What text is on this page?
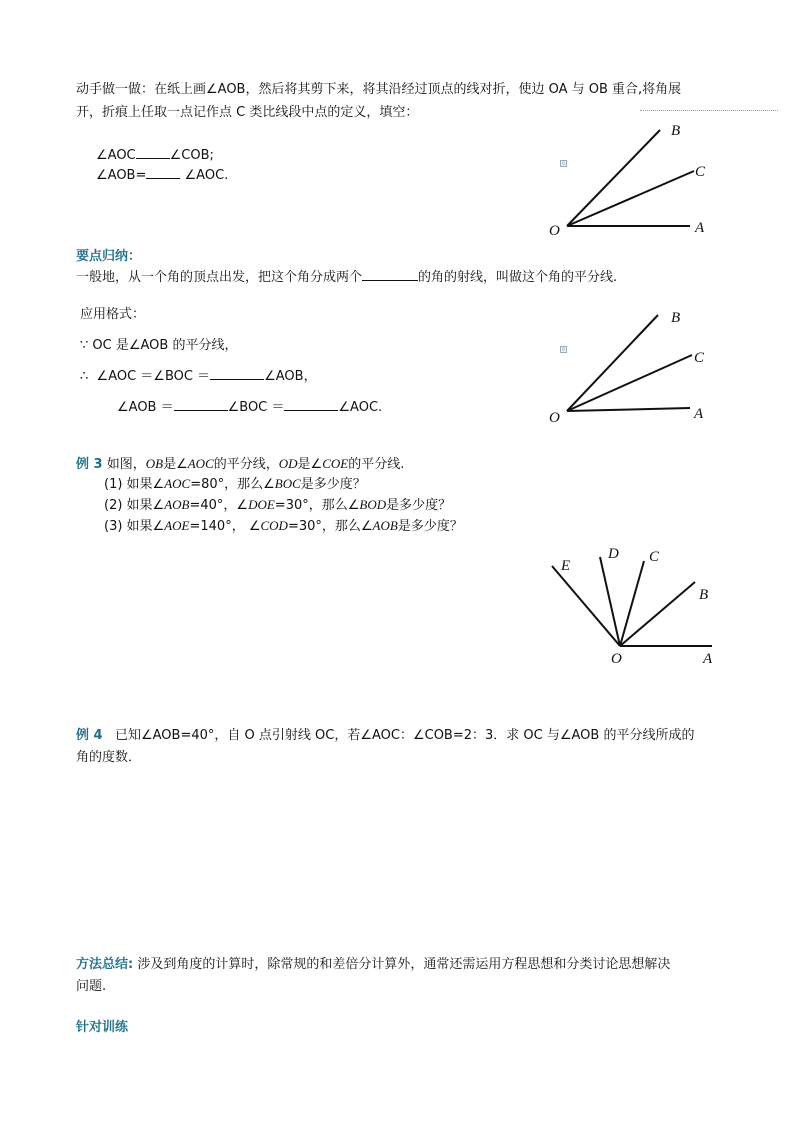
动手做一做：在纸上画∠AOB，然后将其剪下来，将其沿经过顶点的线对折，使边 OA 与 OB 重合,将角展
开，折痕上任取一点记作点 C 类比线段中点的定义，填空：
∠AOC	∠COB;
∠AOB=	∠AOC.
0
B
C
O	A
要点归纳：
一般地，从一个角的顶点出发，把这个角分成两个	的角的射线，叫做这个角的平分线.
应用格式：
∵ OC 是∠AOB 的平分线，
∴ ∠AOC ＝∠BOC ＝	∠AOB，
∠AOB ＝	∠BOC ＝	∠AOC.
0
B
C
O	A
例 3 如图，OB是∠AOC的平分线，OD是∠COE的平分线.
(1) 如果∠AOC=80°，那么∠BOC是多少度？
(2) 如果∠AOB=40°，∠DOE=30°，那么∠BOD是多少度？
(3) 如果∠AOE=140°， ∠COD=30°，那么∠AOB是多少度？
E
D C
B
O	A
例 4 已知∠AOB=40°，自 O 点引射线 OC，若∠AOC：∠COB=2：3．求 OC 与∠AOB 的平分线所成的
角的度数．
方法总结: 涉及到角度的计算时，除常规的和差倍分计算外，通常还需运用方程思想和分类讨论思想解决
问题.
针对训练
